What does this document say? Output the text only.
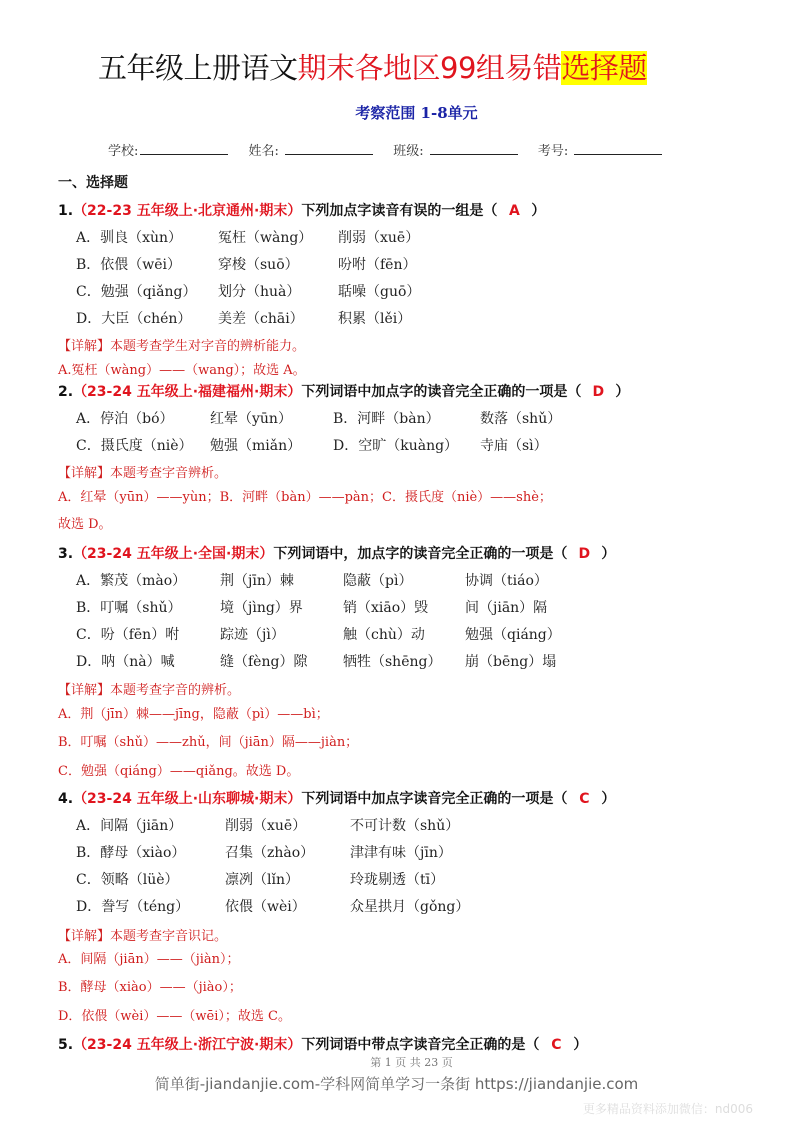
五年级上册语文期末各地区99组易错选择题
考察范围 1-8单元
学校:	姓名:	班级:	考号:
一、选择题
1.（22-23 五年级上·北京通州·期末）下列加点字读音有误的一组是（ A ）
A．驯良（xùn）	冤枉（wàng）	削弱（xuē）
B．依偎（wēi）	穿梭（suō）	吩咐（fēn）
C．勉强（qiǎng）	划分（huà）	聒噪（guō）
D．大臣（chén）	美差（chāi）	积累（lěi）
【详解】本题考查学生对字音的辨析能力。
A.冤枉（wàng）——（wang）；故选 A。
2.（23-24 五年级上·福建福州·期末）下列词语中加点字的读音完全正确的一项是（ D ）
A．停泊（bó）	红晕（yūn）	B．河畔（bàn）	数落（shǔ）
C．摄氏度（niè）	勉强（miǎn）	D．空旷（kuàng）	寺庙（sì）
【详解】本题考查字音辨析。
A．红晕（yūn）——yùn；B．河畔（bàn）——pàn；C．摄氏度（niè）——shè；
故选 D。
3.（23-24 五年级上·全国·期末）下列词语中，加点字的读音完全正确的一项是（ D ）
A．繁茂（mào）	荆（jīn）棘	隐蔽（pì）	协调（tiáo）
B．叮嘱（shǔ）	境（jìng）界	销（xiāo）毁	间（jiān）隔
C．吩（fēn）咐	踪迹（jì）	触（chù）动	勉强（qiáng）
D．呐（nà）喊	缝（fèng）隙	牺牲（shēng）	崩（bēng）塌
【详解】本题考查字音的辨析。
A．荆（jīn）棘——jīng，隐蔽（pì）——bì；
B．叮嘱（shǔ）——zhǔ，间（jiān）隔——jiàn；
C．勉强（qiáng）——qiǎng。故选 D。
4.（23-24 五年级上·山东聊城·期末）下列词语中加点字读音完全正确的一项是（ C ）
A．间隔（jiān）	削弱（xuē）	不可计数（shǔ）
B．酵母（xiào）	召集（zhào）	津津有味（jīn）
C．领略（lüè）	凛冽（lǐn）	玲珑剔透（tī）
D．誊写（téng）	依偎（wèi）	众星拱月（gǒng）
【详解】本题考查字音识记。
A．间隔（jiān）——（jiàn）；
B．酵母（xiào）——（jiào）；
D．依偎（wèi）——（wēi）；故选 C。
5.（23-24 五年级上·浙江宁波·期末）下列词语中带点字读音完全正确的是（ C ）
第 1 页 共 23 页
简单街-jiandanjie.com-学科网简单学习一条街 https://jiandanjie.com
更多精品资料添加微信：nd006
